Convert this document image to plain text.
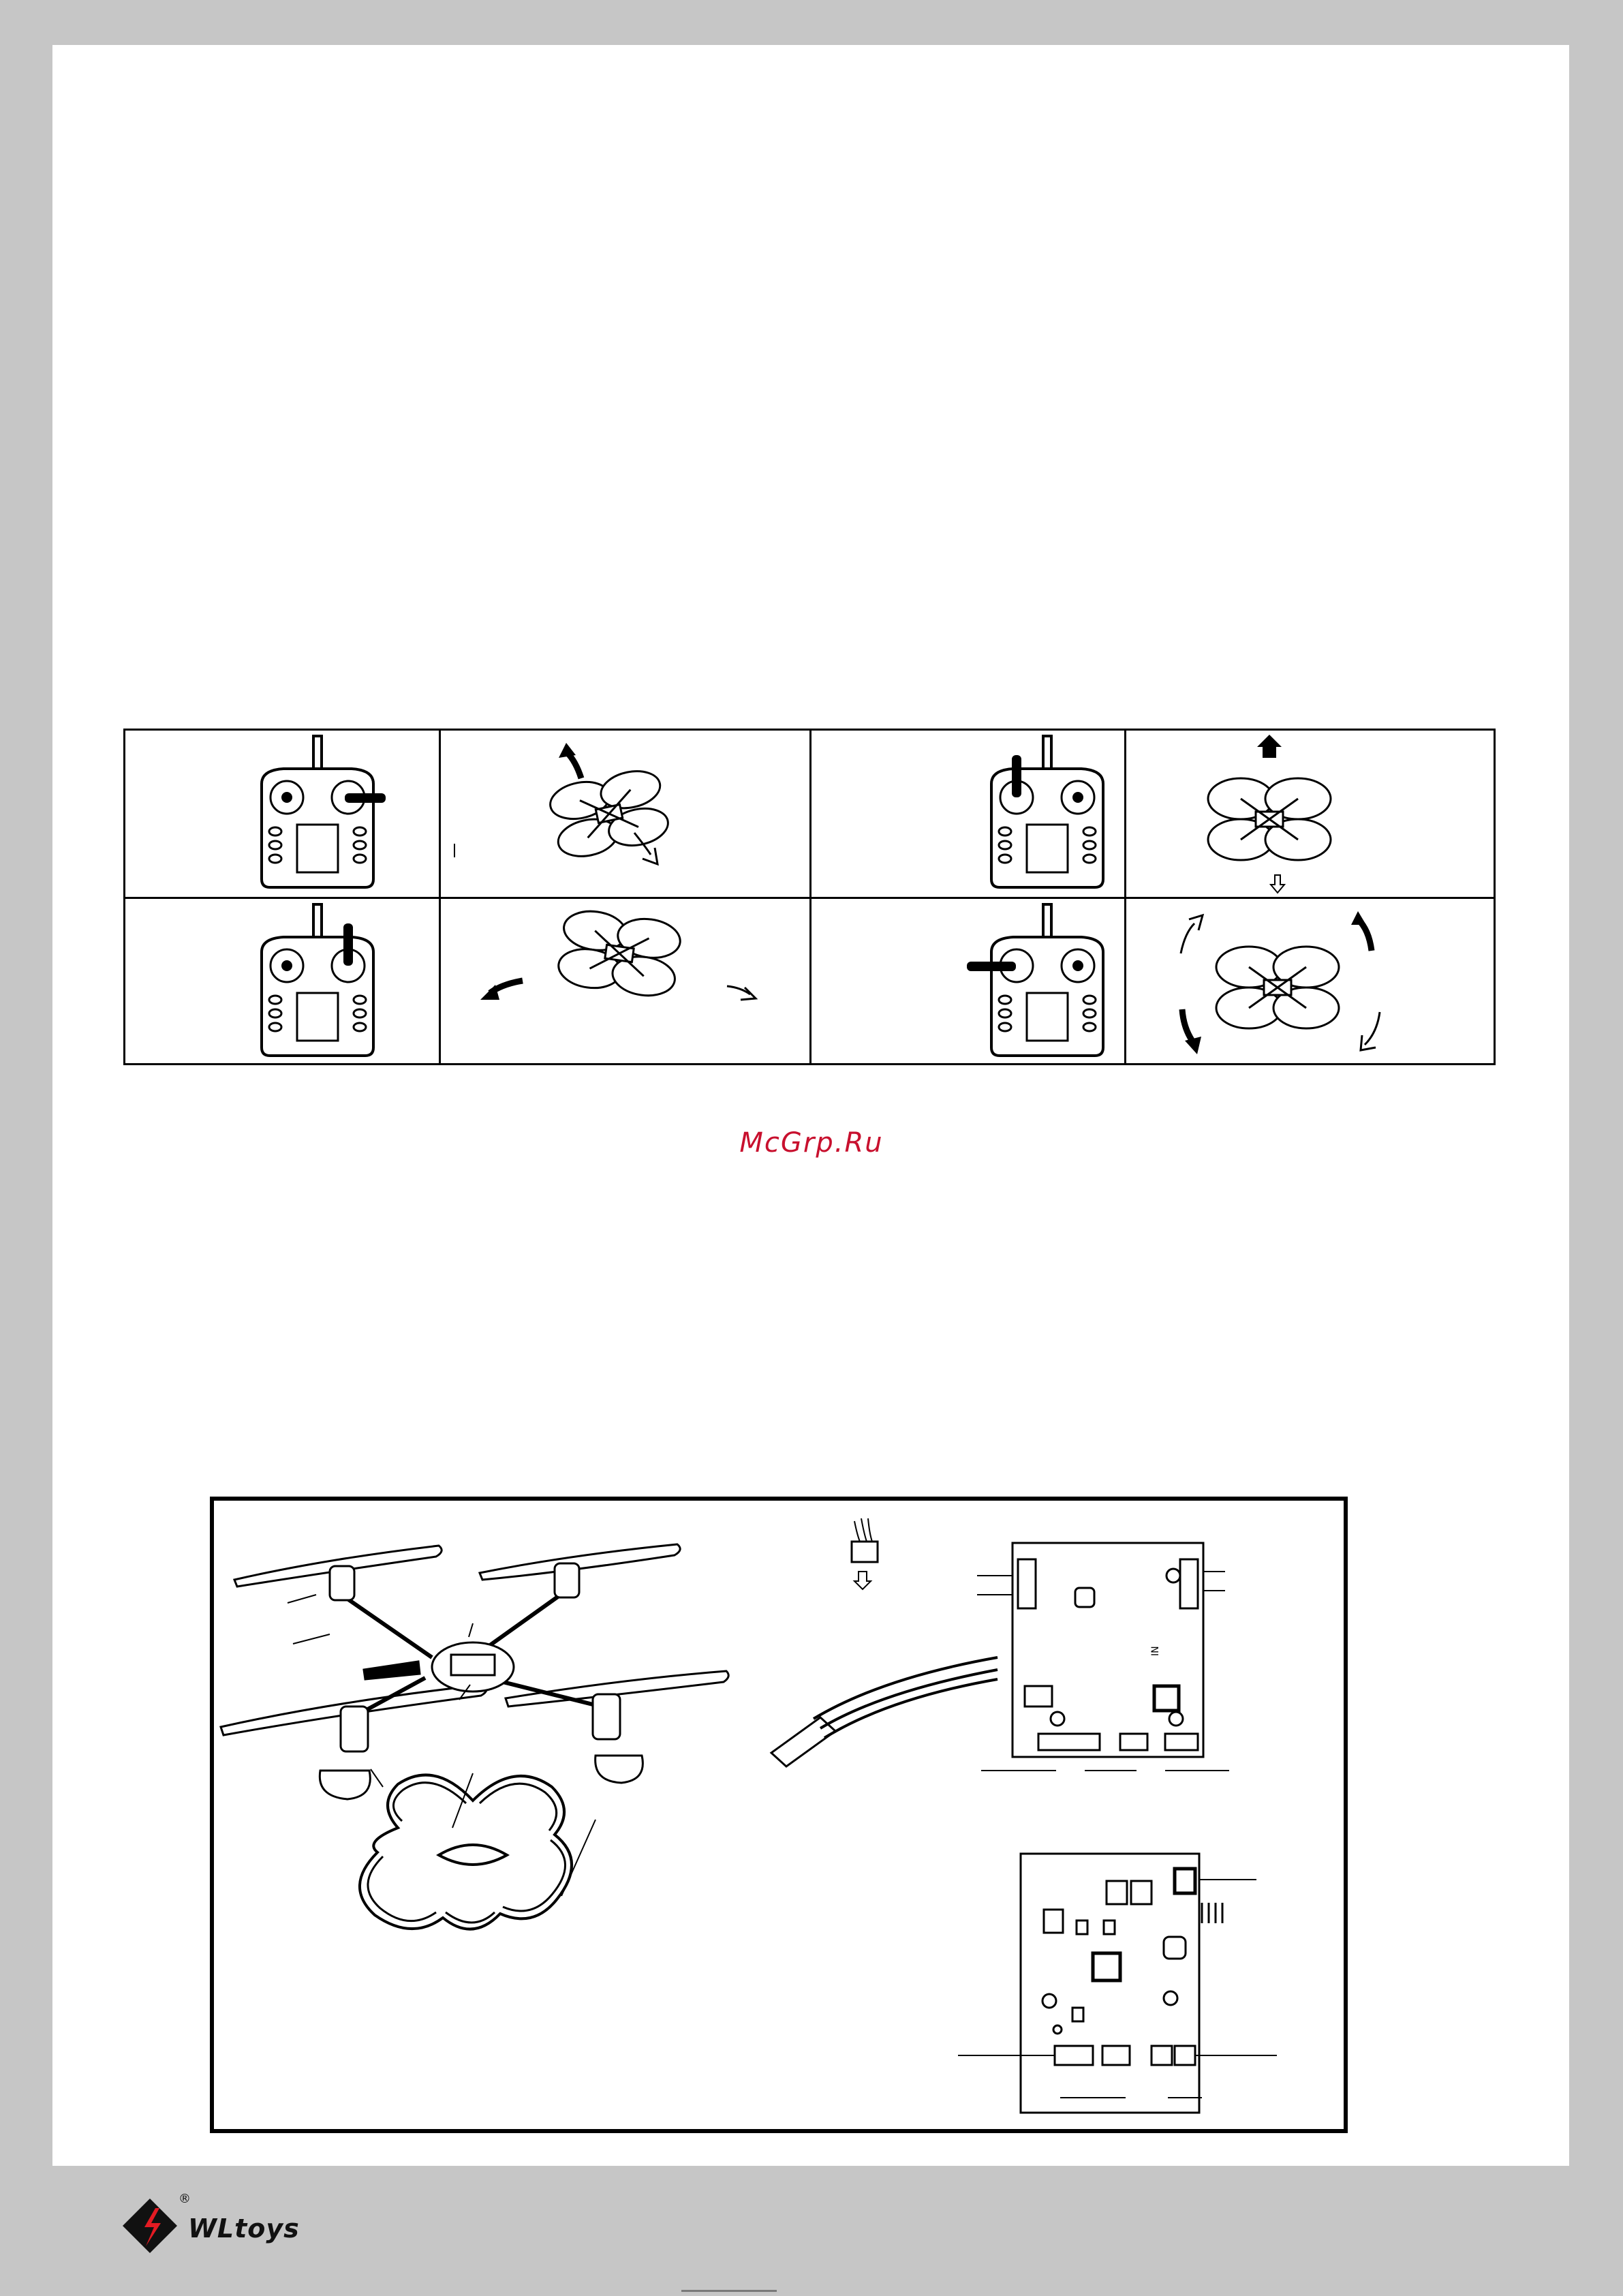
McGrp.Ru
IN
®
WLtoys
